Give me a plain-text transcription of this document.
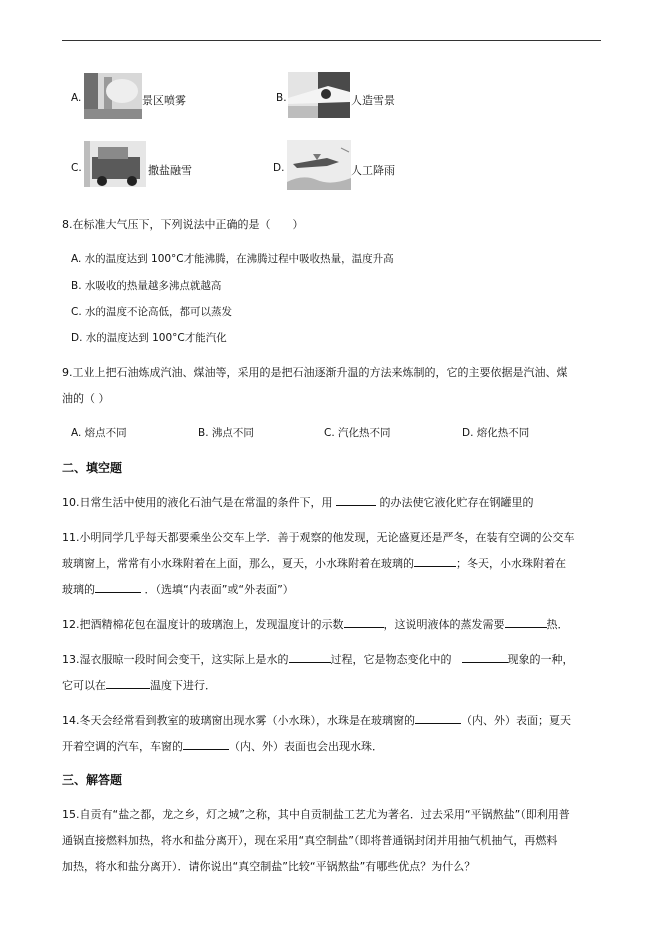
A.	景区喷雾	B.	人造雪景
C.	撒盐融雪	D.	人工降雨
8.在标准大气压下，下列说法中正确的是（　　）
A. 水的温度达到 100°C才能沸腾，在沸腾过程中吸收热量，温度升高
B. 水吸收的热量越多沸点就越高
C. 水的温度不论高低，都可以蒸发
D. 水的温度达到 100°C才能汽化
9.工业上把石油炼成汽油、煤油等，采用的是把石油逐渐升温的方法来炼制的，它的主要依据是汽油、煤
油的（ ）
A. 熔点不同	B. 沸点不同	C. 汽化热不同	D. 熔化热不同
二、填空题
10.日常生活中使用的液化石油气是在常温的条件下，用	的办法使它液化贮存在钢罐里的
11.小明同学几乎每天都要乘坐公交车上学．善于观察的他发现，无论盛夏还是严冬，在装有空调的公交车
玻璃窗上，常常有小水珠附着在上面，那么，夏天，小水珠附着在玻璃的	；冬天，小水珠附着在
玻璃的	．（选填“内表面”或“外表面”）
12.把酒精棉花包在温度计的玻璃泡上，发现温度计的示数	，这说明液体的蒸发需要	热．
13.湿衣服晾一段时间会变干，这实际上是水的	过程，它是物态变化中的	现象的一种，
它可以在	温度下进行．
14.冬天会经常看到教室的玻璃窗出现水雾（小水珠），水珠是在玻璃窗的	（内、外）表面；夏天
开着空调的汽车，车窗的	（内、外）表面也会出现水珠．
三、解答题
15.自贡有“盐之都，龙之乡，灯之城”之称，其中自贡制盐工艺尤为著名．过去采用“平锅熬盐”（即利用普
通锅直接燃料加热，将水和盐分离开），现在采用“真空制盐”（即将普通锅封闭并用抽气机抽气，再燃料
加热，将水和盐分离开）．请你说出“真空制盐”比较“平锅熬盐”有哪些优点？为什么？
